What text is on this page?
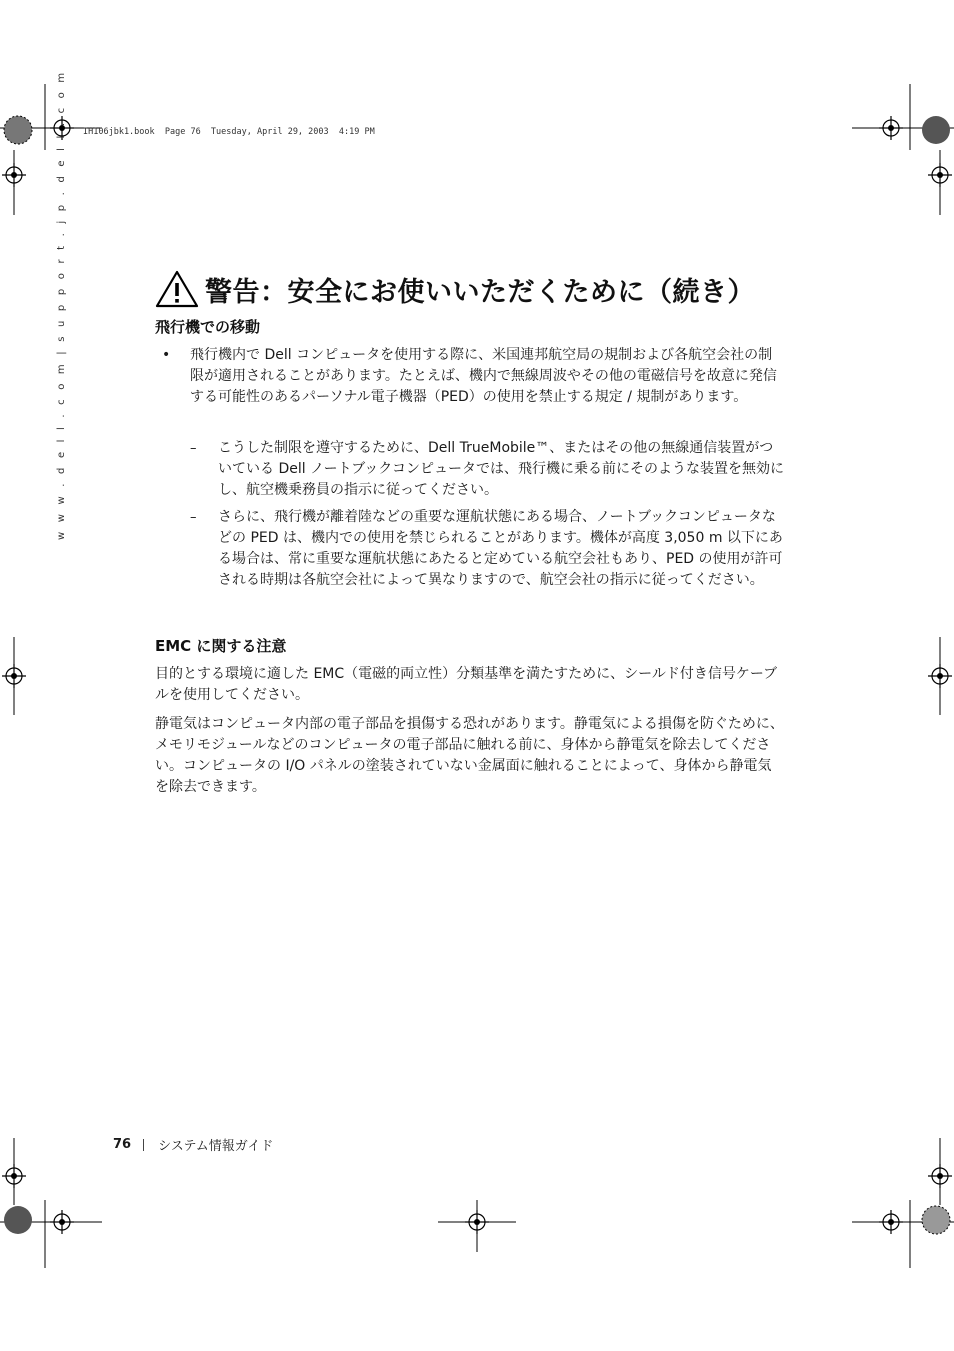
IH106jbk1.book  Page 76  Tuesday, April 29, 2003  4:19 PM
w w w . d e l l . c o m | s u p p o r t . j p . d e l l . c o m	警告：安全にお使いいただくために（続き）
飛行機での移動
• 飛行機内で Dell コンピュータを使用する際に、米国連邦航空局の規制および各航空会社の制限が適用されることがあります。たとえば、機内で無線周波やその他の電磁信号を故意に発信する可能性のあるパーソナル電子機器（PED）の使用を禁止する規定 / 規制があります。
– こうした制限を遵守するために、Dell TrueMobile™、またはその他の無線通信装置がついている Dell ノートブックコンピュータでは、飛行機に乗る前にそのような装置を無効にし、航空機乗務員の指示に従ってください。
– さらに、飛行機が離着陸などの重要な運航状態にある場合、ノートブックコンピュータなどの PED は、機内での使用を禁じられることがあります。機体が高度 3,050 m 以下にある場合は、常に重要な運航状態にあたると定めている航空会社もあり、PED の使用が許可される時期は各航空会社によって異なりますので、航空会社の指示に従ってください。
EMC に関する注意

目的とする環境に適した EMC（電磁的両立性）分類基準を満たすために、シールド付き信号ケーブルを使用してください。

静電気はコンピュータ内部の電子部品を損傷する恐れがあります。静電気による損傷を防ぐために、メモリモジュールなどのコンピュータの電子部品に触れる前に、身体から静電気を除去してください。コンピュータの I/O パネルの塗装されていない金属面に触れることによって、身体から静電気を除去できます。

76 システム情報ガイド
